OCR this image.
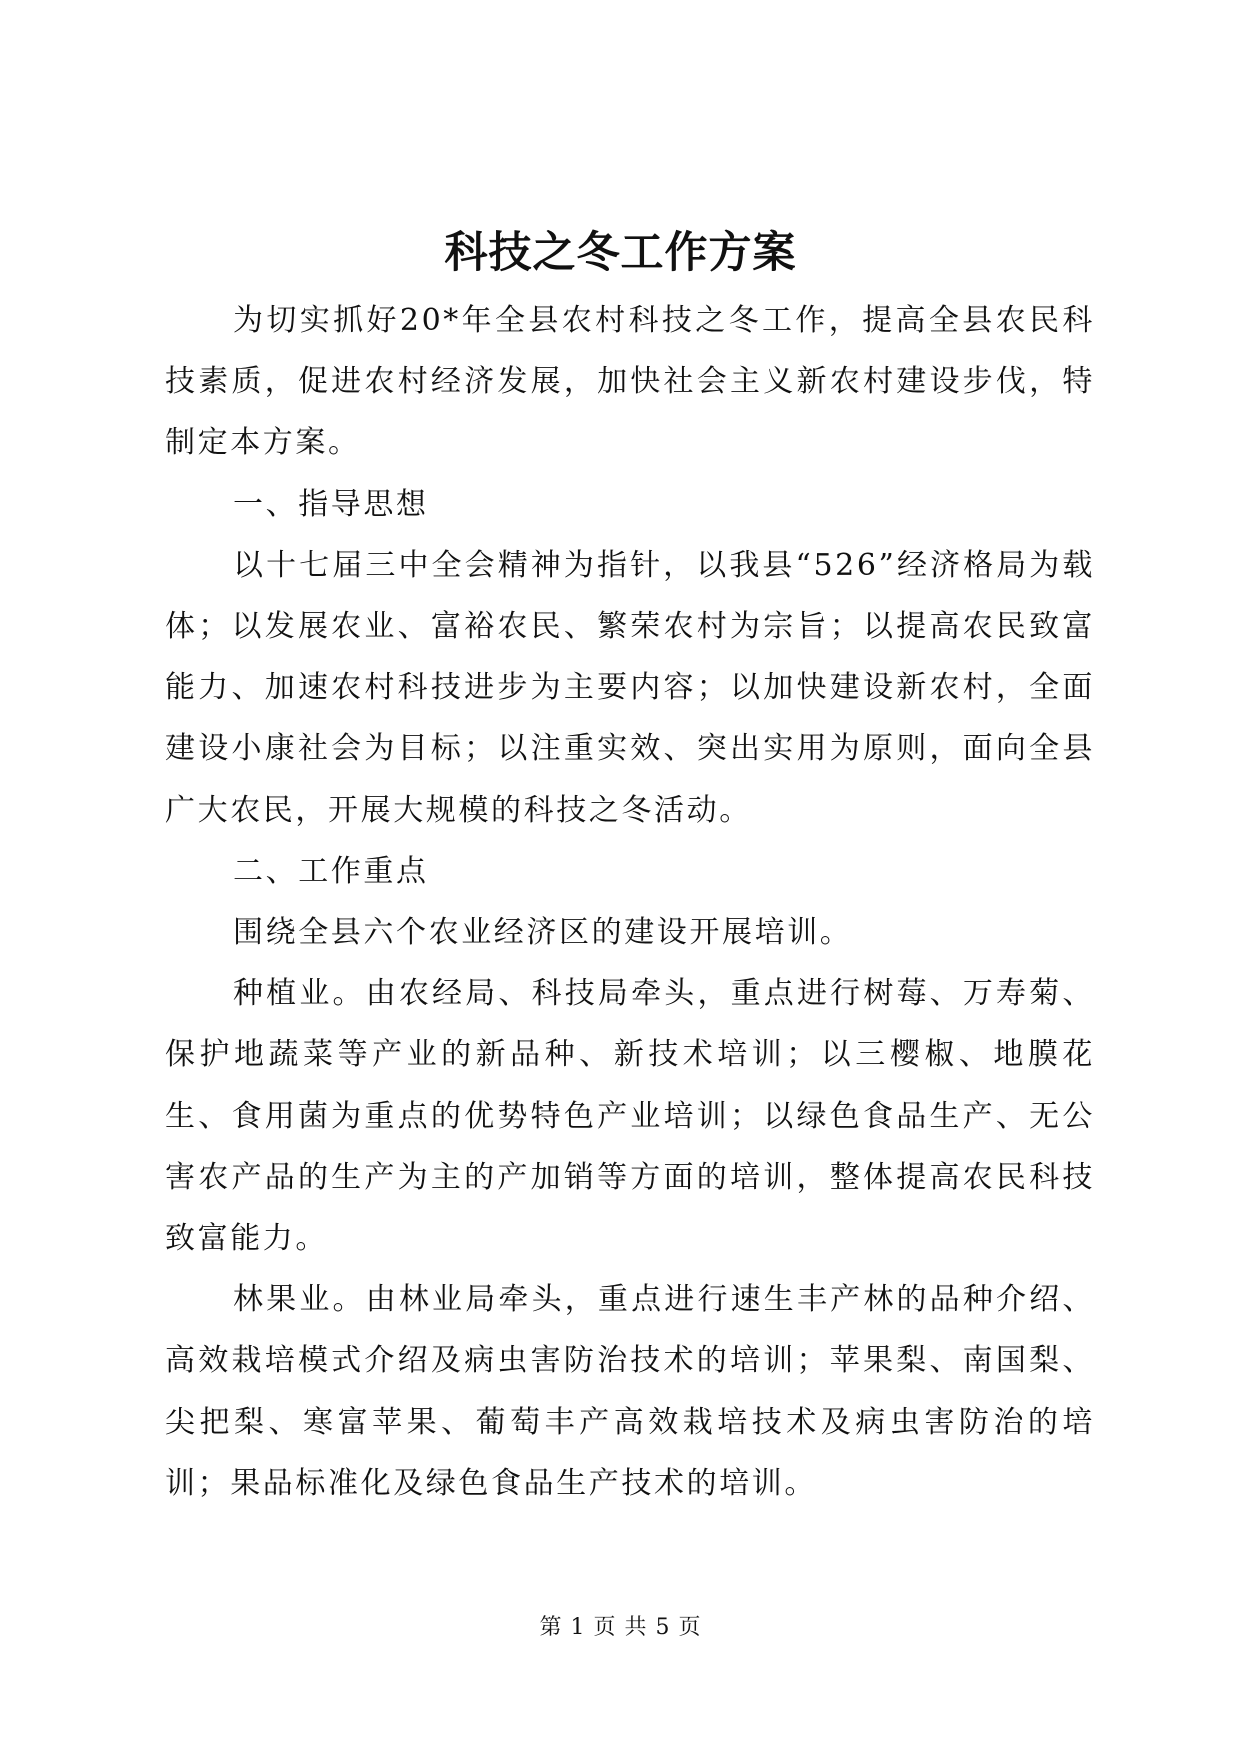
科技之冬工作方案

为切实抓好20*年全县农村科技之冬工作，提高全县农民科技素质，促进农村经济发展，加快社会主义新农村建设步伐，特制定本方案。

一、指导思想

以十七届三中全会精神为指针，以我县“526”经济格局为载体；以发展农业、富裕农民、繁荣农村为宗旨；以提高农民致富能力、加速农村科技进步为主要内容；以加快建设新农村，全面建设小康社会为目标；以注重实效、突出实用为原则，面向全县广大农民，开展大规模的科技之冬活动。

二、工作重点

围绕全县六个农业经济区的建设开展培训。

种植业。由农经局、科技局牵头，重点进行树莓、万寿菊、保护地蔬菜等产业的新品种、新技术培训；以三樱椒、地膜花生、食用菌为重点的优势特色产业培训；以绿色食品生产、无公害农产品的生产为主的产加销等方面的培训，整体提高农民科技致富能力。

林果业。由林业局牵头，重点进行速生丰产林的品种介绍、高效栽培模式介绍及病虫害防治技术的培训；苹果梨、南国梨、尖把梨、寒富苹果、葡萄丰产高效栽培技术及病虫害防治的培训；果品标准化及绿色食品生产技术的培训。

第 1 页 共 5 页
